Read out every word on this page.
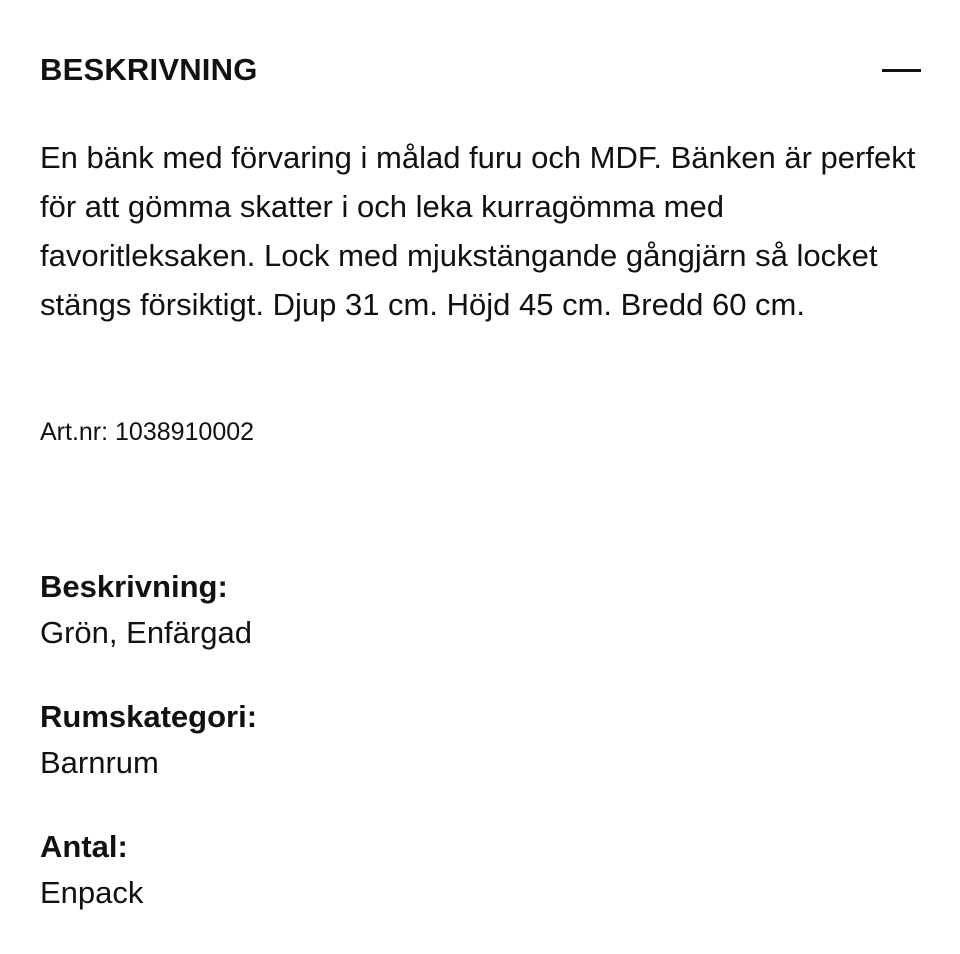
BESKRIVNING

En bänk med förvaring i målad furu och MDF. Bänken är perfekt för att gömma skatter i och leka kurragömma med favoritleksaken. Lock med mjukstängande gångjärn så locket stängs försiktigt. Djup 31 cm. Höjd 45 cm. Bredd 60 cm.

Art.nr: 1038910002
Beskrivning:
Grön, Enfärgad
Rumskategori:
Barnrum
Antal:
Enpack
